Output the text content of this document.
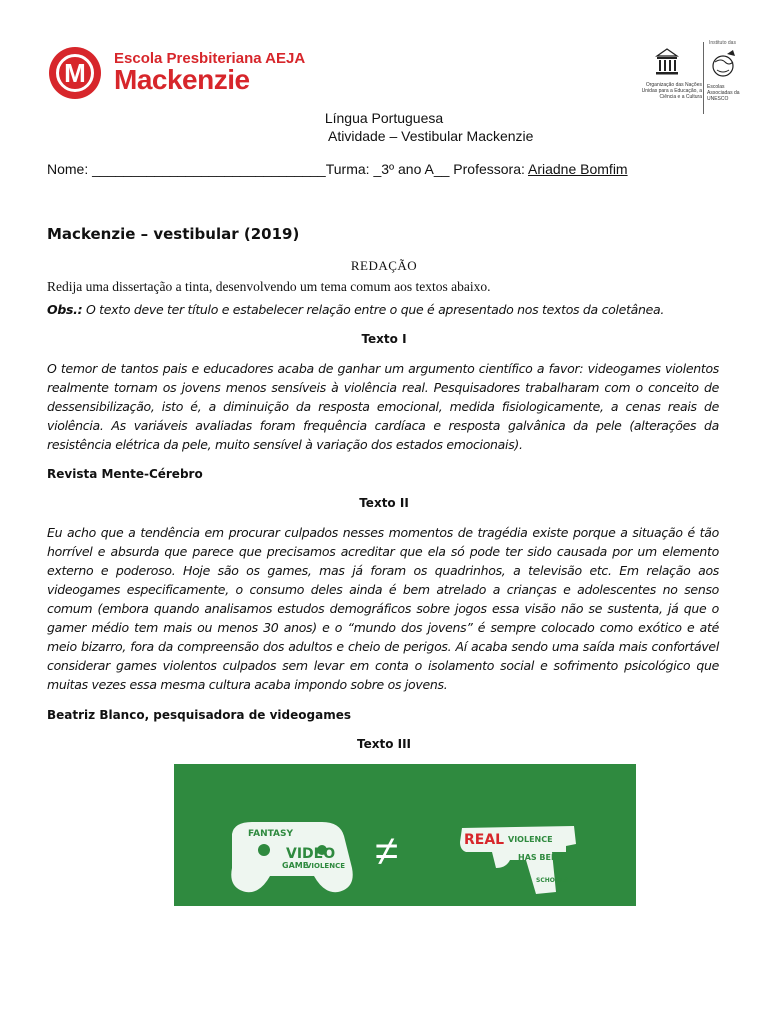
M	Escola Presbiteriana AEJA
Mackenzie	Organização das Nações Unidas para a Educação, a Ciência e a Cultura
Instituto das
Escolas Associadas da UNESCO
Língua Portuguesa
Atividade – Vestibular Mackenzie
Nome: ______________________________Turma: _3º ano A__ Professora: Ariadne Bomfim
Mackenzie – vestibular (2019)
REDAÇÃO
Redija uma dissertação a tinta, desenvolvendo um tema comum aos textos abaixo.
Obs.: O texto deve ter título e estabelecer relação entre o que é apresentado nos textos da coletânea.
Texto I

O temor de tantos pais e educadores acaba de ganhar um argumento científico a favor: videogames violentos realmente tornam os jovens menos sensíveis à violência real. Pesquisadores trabalharam com o conceito de dessensibilização, isto é, a diminuição da resposta emocional, medida fisiologicamente, a cenas reais de violência. As variáveis avaliadas foram frequência cardíaca e resposta galvânica da pele (alterações da resistência elétrica da pele, muito sensível à variação dos estados emocionais).

Revista Mente-Cérebro
Texto II

Eu acho que a tendência em procurar culpados nesses momentos de tragédia existe porque a situação é tão horrível e absurda que parece que precisamos acreditar que ela só pode ter sido causada por um elemento externo e poderoso. Hoje são os games, mas já foram os quadrinhos, a televisão etc. Em relação aos videogames especificamente, o consumo deles ainda é bem atrelado a crianças e adolescentes no senso comum (embora quando analisamos estudos demográficos sobre jogos essa visão não se sustenta, já que o gamer médio tem mais ou menos 30 anos) e o “mundo dos jovens” é sempre colocado como exótico e até meio bizarro, fora da compreensão dos adultos e cheio de perigos. Aí acaba sendo uma saída mais confortável considerar games violentos culpados sem levar em conta o isolamento social e sofrimento psicológico que muitas vezes essa mesma cultura acaba impondo sobre os jovens.

Beatriz Blanco, pesquisadora de videogames
Texto III
FANTASY
VIDEO
GAME
VIOLENCE
REAL VIOLENCE
HAS BEEN
SCHOOLS
≠
